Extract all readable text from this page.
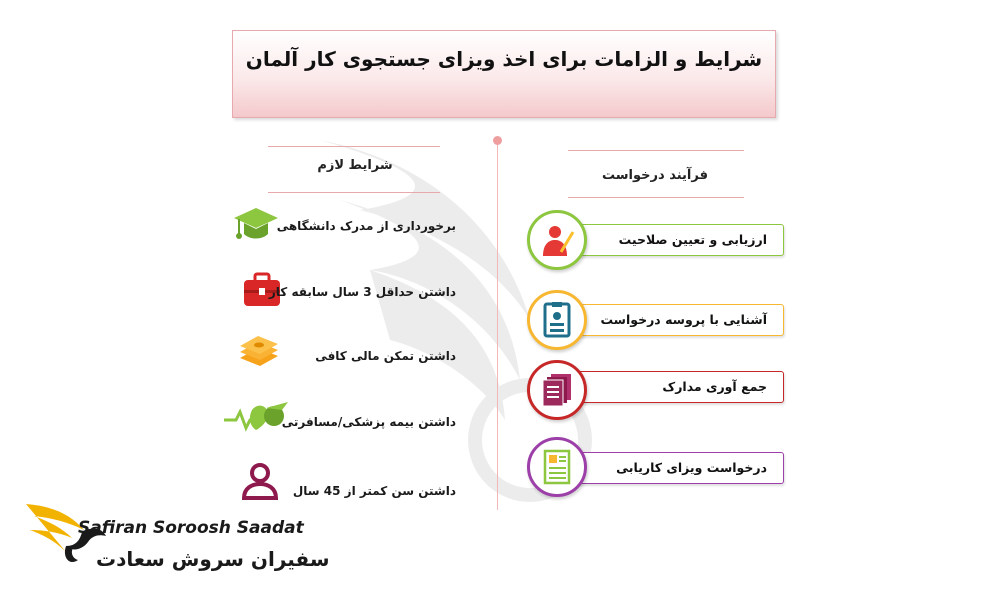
شرایط و الزامات برای اخذ ویزای جستجوی کار آلمان
شرایط لازم
فرآیند درخواست
برخورداری از مدرک دانشگاهی
داشتن حداقل 3 سال سابقه کار
داشتن تمکن مالی کافی
داشتن بیمه پزشکی/مسافرتی
داشتن سن کمتر از 45 سال
ارزیابی و تعیین صلاحیت
آشنایی با پروسه درخواست
جمع آوری مدارک
درخواست ویزای کاریابی
Safiran Soroosh Saadat
سفیران سروش سعادت
